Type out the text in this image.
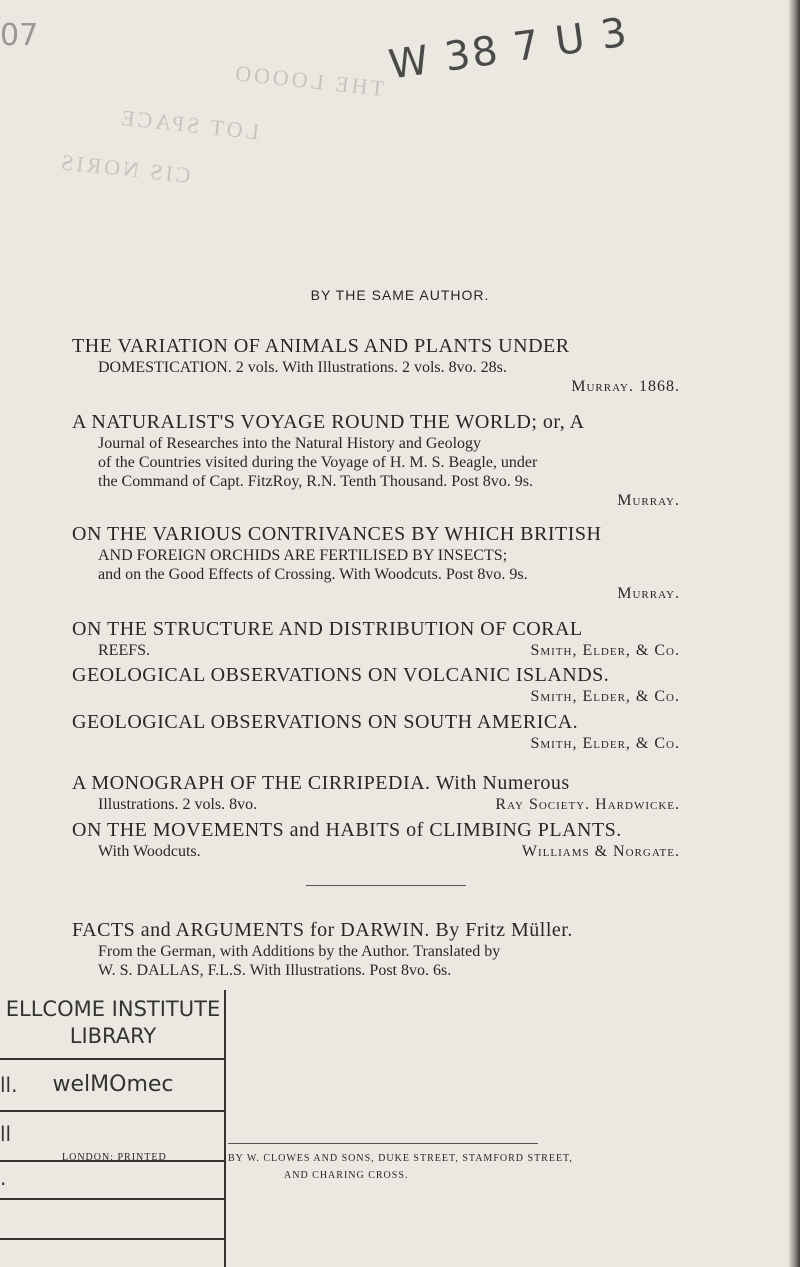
07	W 38 7 U 3
THE LOOOO
LOT SPACE
CIS NORIS
BY THE SAME AUTHOR.
THE VARIATION OF ANIMALS AND PLANTS UNDER
DOMESTICATION. 2 vols. With Illustrations. 2 vols. 8vo. 28s.
Murray. 1868.
A NATURALIST'S VOYAGE ROUND THE WORLD; or, A
Journal of Researches into the Natural History and Geology
of the Countries visited during the Voyage of H. M. S. Beagle, under
the Command of Capt. FitzRoy, R.N. Tenth Thousand. Post 8vo. 9s.
Murray.
ON THE VARIOUS CONTRIVANCES BY WHICH BRITISH
AND FOREIGN ORCHIDS ARE FERTILISED BY INSECTS;
and on the Good Effects of Crossing. With Woodcuts. Post 8vo. 9s.
Murray.
ON THE STRUCTURE AND DISTRIBUTION OF CORAL
REEFS.	Smith, Elder, & Co.
GEOLOGICAL OBSERVATIONS ON VOLCANIC ISLANDS.
Smith, Elder, & Co.
GEOLOGICAL OBSERVATIONS ON SOUTH AMERICA.
Smith, Elder, & Co.
A MONOGRAPH OF THE CIRRIPEDIA. With Numerous
Illustrations. 2 vols. 8vo.	Ray Society. Hardwicke.
ON THE MOVEMENTS and HABITS of CLIMBING PLANTS.
With Woodcuts.	Williams & Norgate.
FACTS and ARGUMENTS for DARWIN. By Fritz Müller.
From the German, with Additions by the Author. Translated by
W. S. DALLAS, F.L.S. With Illustrations. Post 8vo. 6s.
ELLCOME INSTITUTE
LIBRARY
ll. welMOmec
ll
.
LONDON: PRINTED	BY W. CLOWES AND SONS, DUKE STREET, STAMFORD STREET,
AND CHARING CROSS.
